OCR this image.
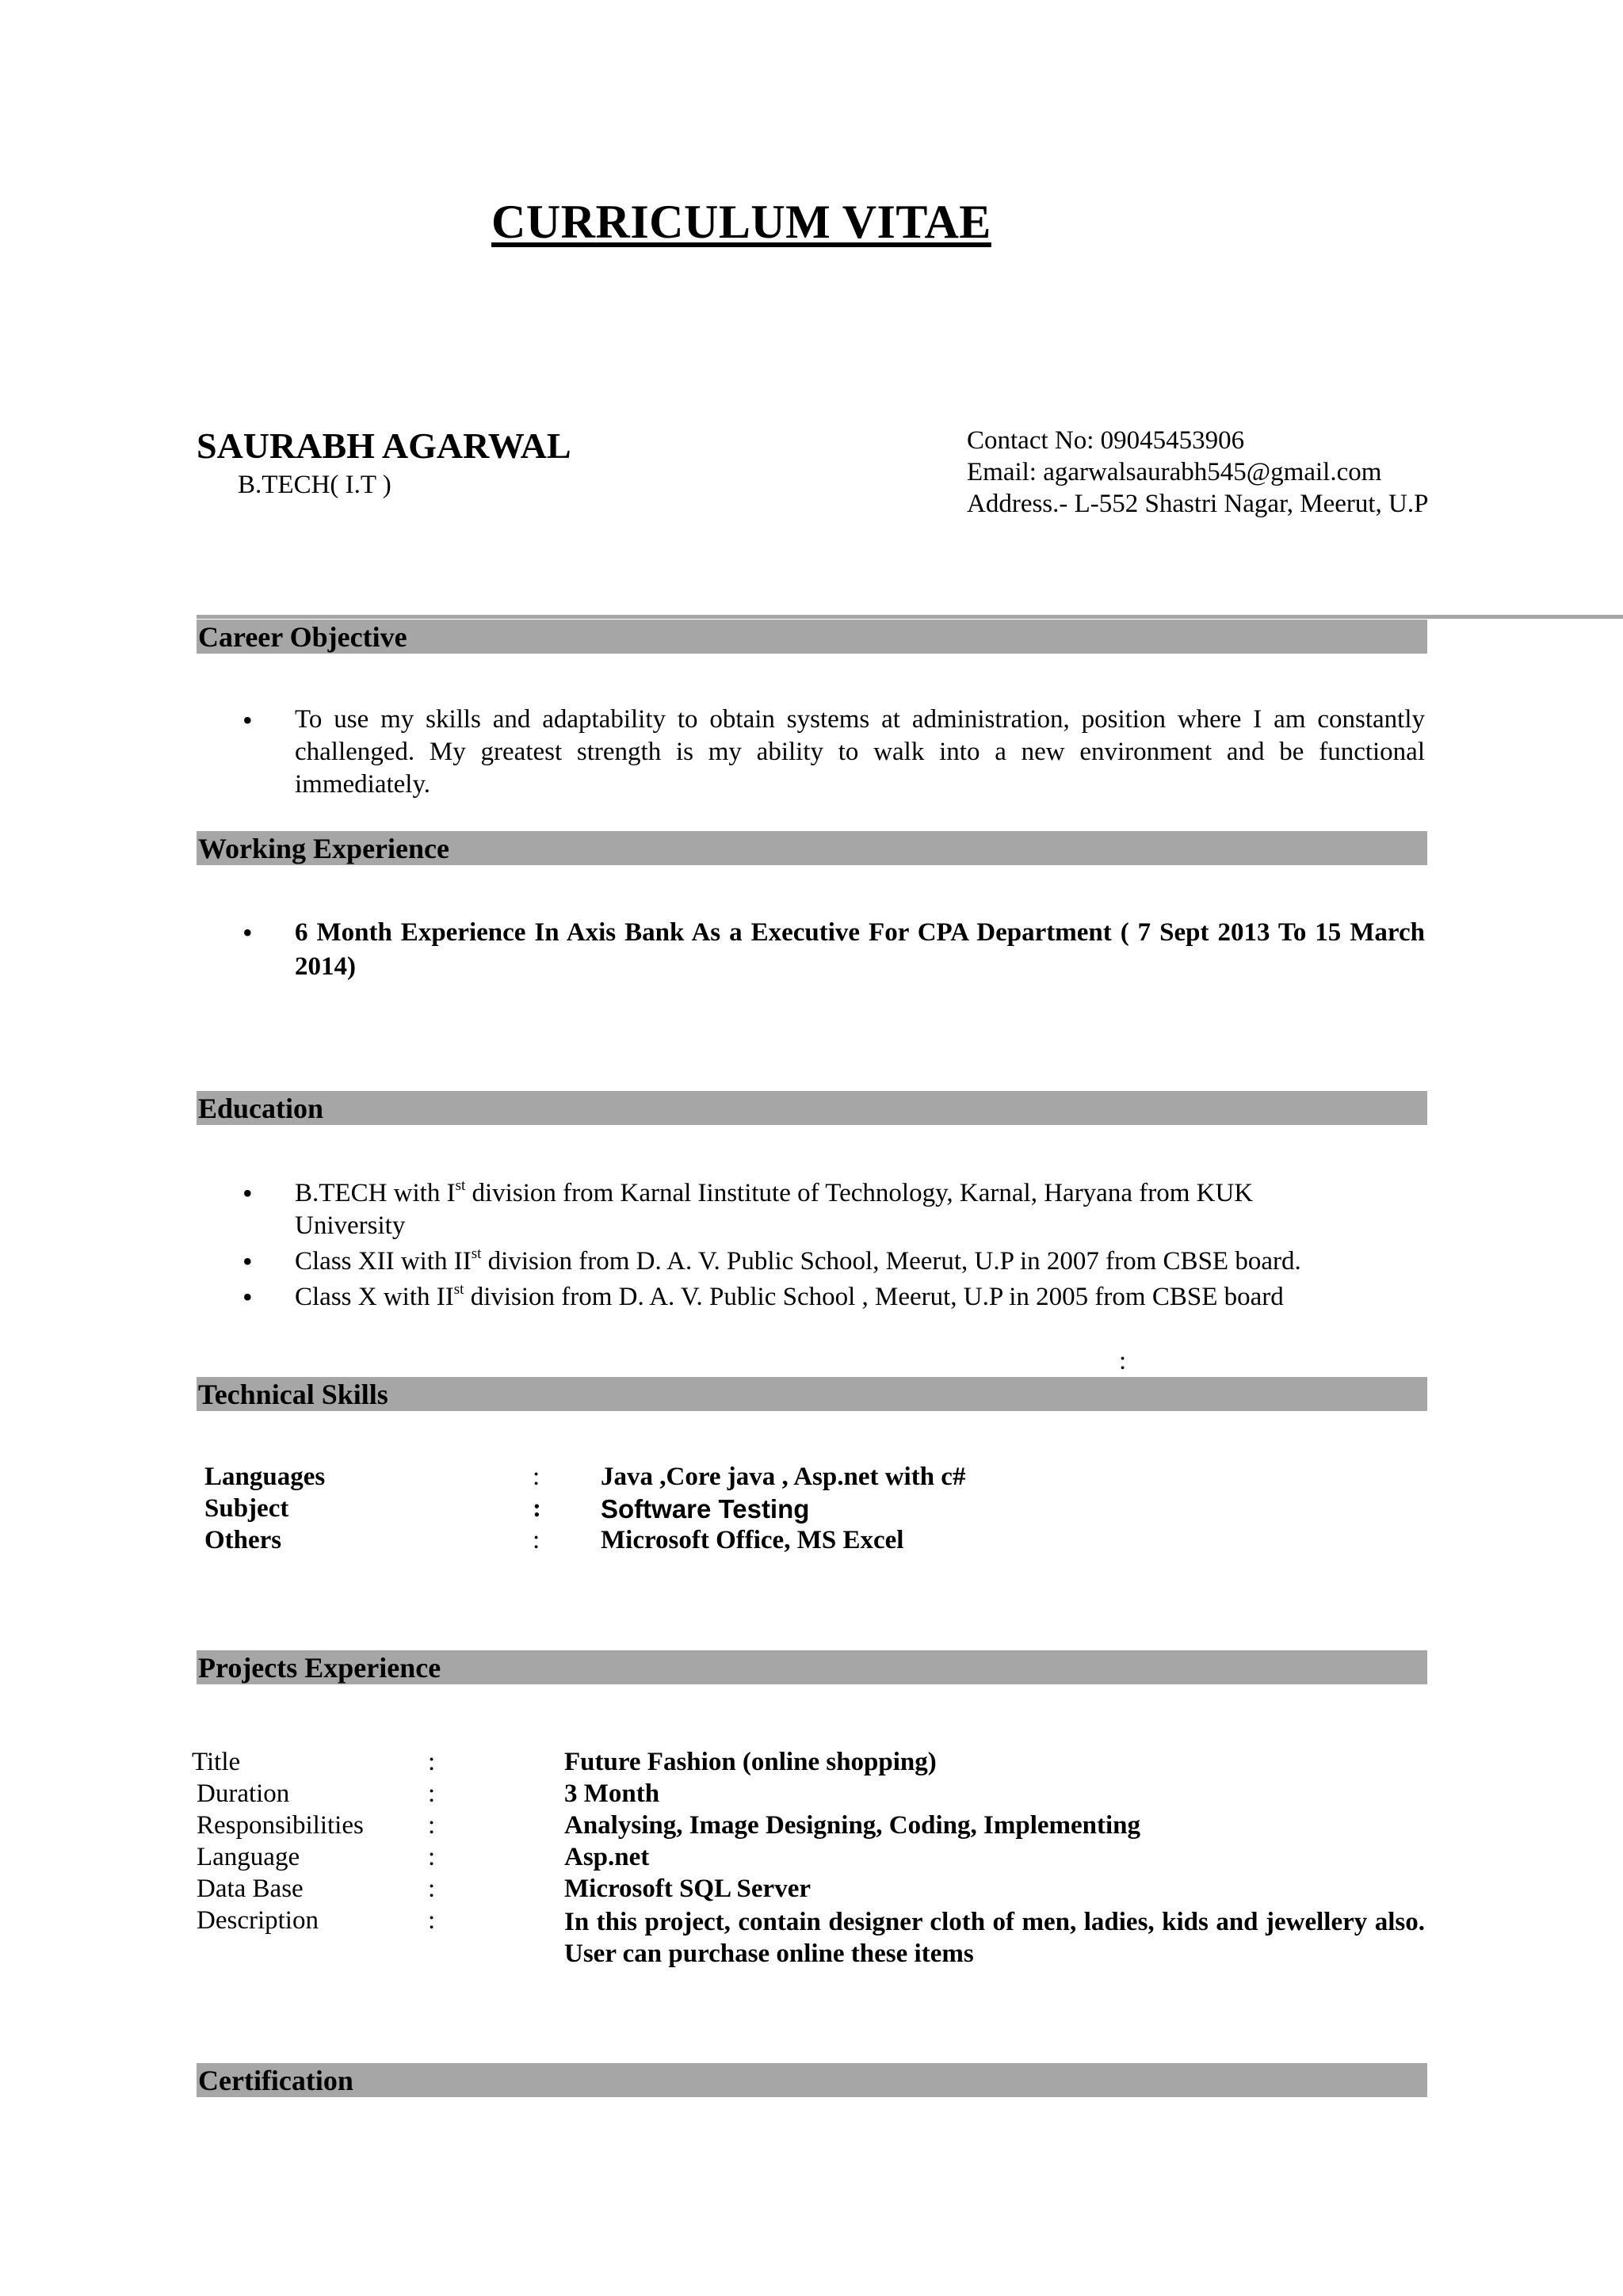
CURRICULUM VITAE
SAURABH AGARWAL
B.TECH( I.T )
Contact No: 09045453906
Email: agarwalsaurabh545@gmail.com
Address.- L-552 Shastri Nagar, Meerut, U.P
Career Objective
• To use my skills and adaptability to obtain systems at administration, position where I am constantly challenged. My greatest strength is my ability to walk into a new environment and be functional immediately.
Working Experience
• 6 Month Experience In Axis Bank As a Executive For CPA Department ( 7 Sept 2013 To 15 March 2014)
Education
• B.TECH with Ist division from Karnal Iinstitute of Technology, Karnal, Haryana from KUK University
• Class XII with IIst division from D. A. V. Public School, Meerut, U.P in 2007 from CBSE board.
• Class X with IIst division from D. A. V. Public School , Meerut, U.P in 2005 from CBSE board
:
Technical Skills
Languages	: Java ,Core java , Asp.net with c#
Subject	: Software Testing
Others	: Microsoft Office, MS Excel
Projects Experience
Title	:	Future Fashion (online shopping)
Duration	:	3 Month
Responsibilities :	Analysing, Image Designing, Coding, Implementing
Language	:	Asp.net
Data Base	:	Microsoft SQL Server
Description	:	In this project, contain designer cloth of men, ladies, kids and jewellery also. User can purchase online these items
Certification
